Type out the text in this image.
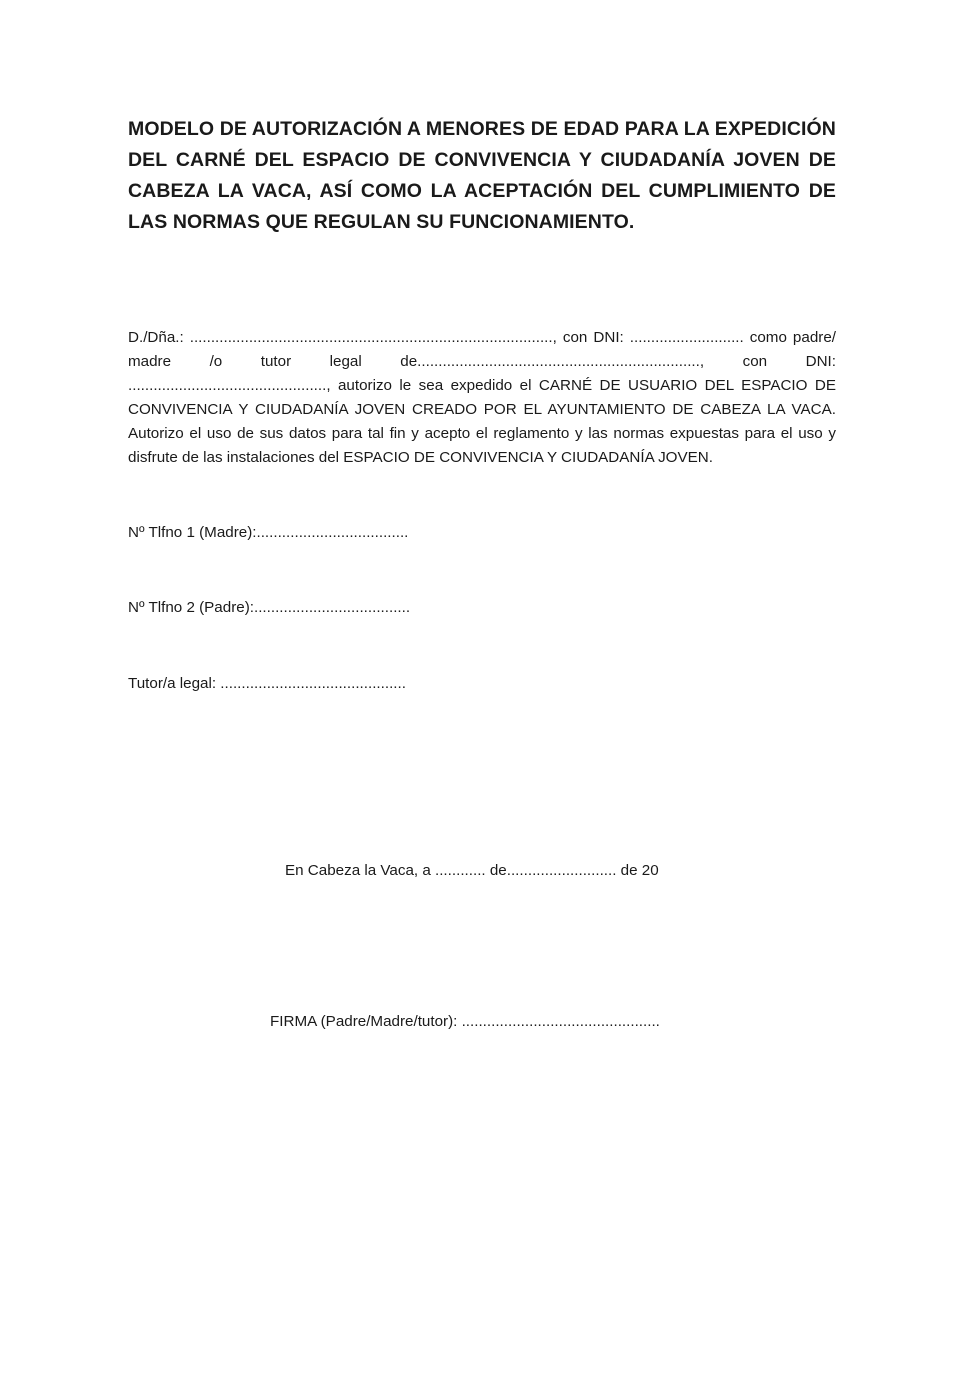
MODELO DE AUTORIZACIÓN A MENORES DE EDAD PARA LA EXPEDICIÓN DEL CARNÉ DEL ESPACIO DE CONVIVENCIA Y CIUDADANÍA JOVEN DE CABEZA LA VACA, ASÍ COMO LA ACEPTACIÓN DEL CUMPLIMIENTO DE LAS NORMAS QUE REGULAN SU FUNCIONAMIENTO.

D./Dña.: ......................................................................................, con DNI: ........................... como padre/ madre /o tutor legal de..................................................................., con DNI: ..............................................., autorizo le sea expedido el CARNÉ DE USUARIO DEL ESPACIO DE CONVIVENCIA Y CIUDADANÍA JOVEN CREADO POR EL AYUNTAMIENTO DE CABEZA LA VACA. Autorizo el uso de sus datos para tal fin y acepto el reglamento y las normas expuestas para el uso y disfrute de las instalaciones del ESPACIO DE CONVIVENCIA Y CIUDADANÍA JOVEN.

Nº Tlfno 1 (Madre):....................................

Nº Tlfno 2 (Padre):.....................................

Tutor/a legal: ............................................

En Cabeza la Vaca, a ............ de.......................... de 20

FIRMA (Padre/Madre/tutor): ...............................................
